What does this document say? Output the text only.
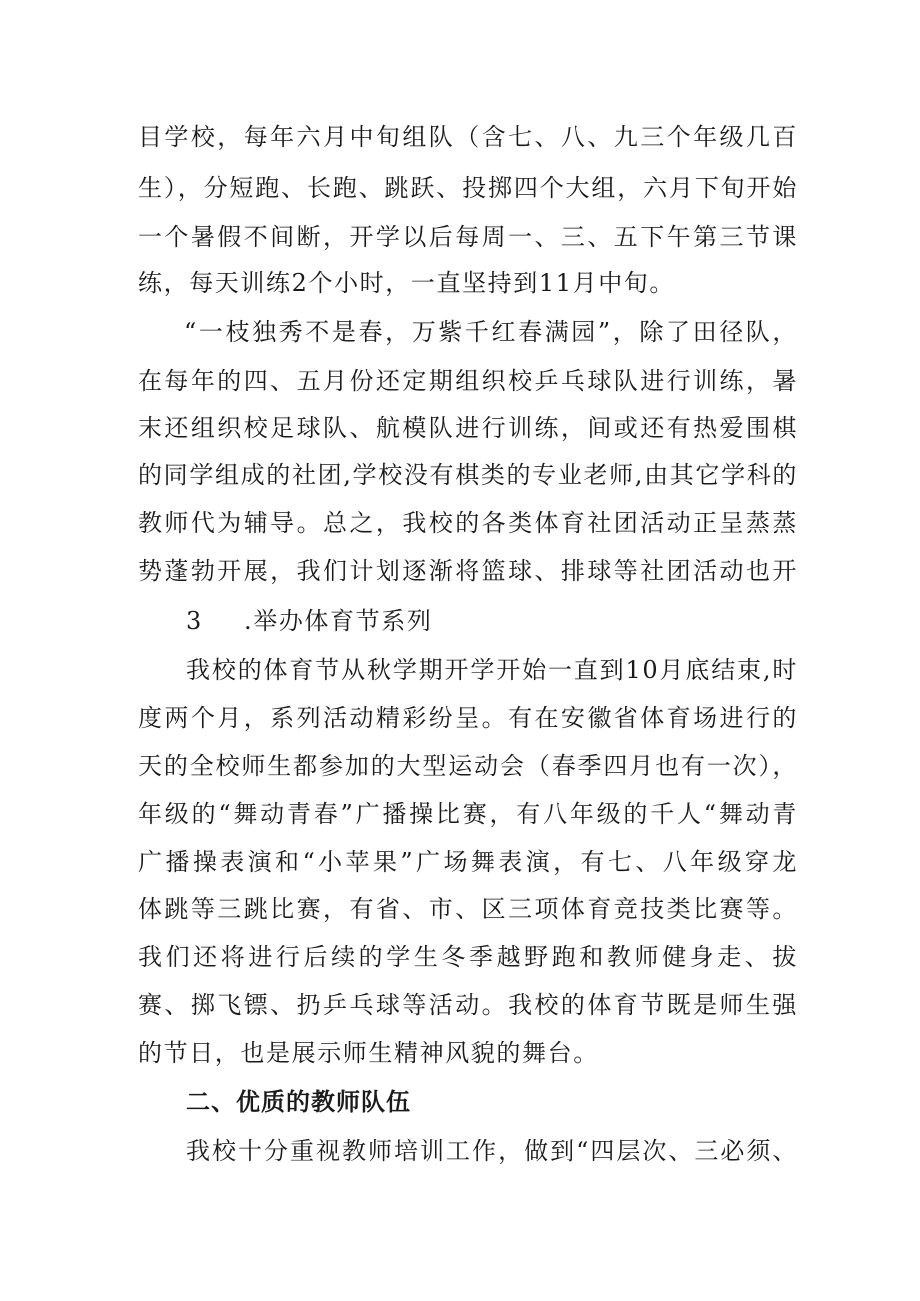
目学校，每年六月中旬组队（含七、八、九三个年级几百
生），分短跑、长跑、跳跃、投掷四个大组，六月下旬开始
一个暑假不间断，开学以后每周一、三、五下午第三节课
练，每天训练2个小时，一直坚持到11月中旬。
“一枝独秀不是春，万紫千红春满园”，除了田径队，
在每年的四、五月份还定期组织校乒乓球队进行训练，暑
末还组织校足球队、航模队进行训练，间或还有热爱围棋
的同学组成的社团,学校没有棋类的专业老师,由其它学科的
教师代为辅导。总之，我校的各类体育社团活动正呈蒸蒸
势蓬勃开展，我们计划逐渐将篮球、排球等社团活动也开
3 .举办体育节系列
我校的体育节从秋学期开学开始一直到10月底结束,时
度两个月，系列活动精彩纷呈。有在安徽省体育场进行的
天的全校师生都参加的大型运动会（春季四月也有一次），
年级的“舞动青春”广播操比赛，有八年级的千人“舞动青
广播操表演和“小苹果”广场舞表演，有七、八年级穿龙
体跳等三跳比赛，有省、市、区三项体育竞技类比赛等。
我们还将进行后续的学生冬季越野跑和教师健身走、拔
赛、掷飞镖、扔乒乓球等活动。我校的体育节既是师生强
的节日，也是展示师生精神风貌的舞台。
二、优质的教师队伍
我校十分重视教师培训工作，做到“四层次、三必须、
